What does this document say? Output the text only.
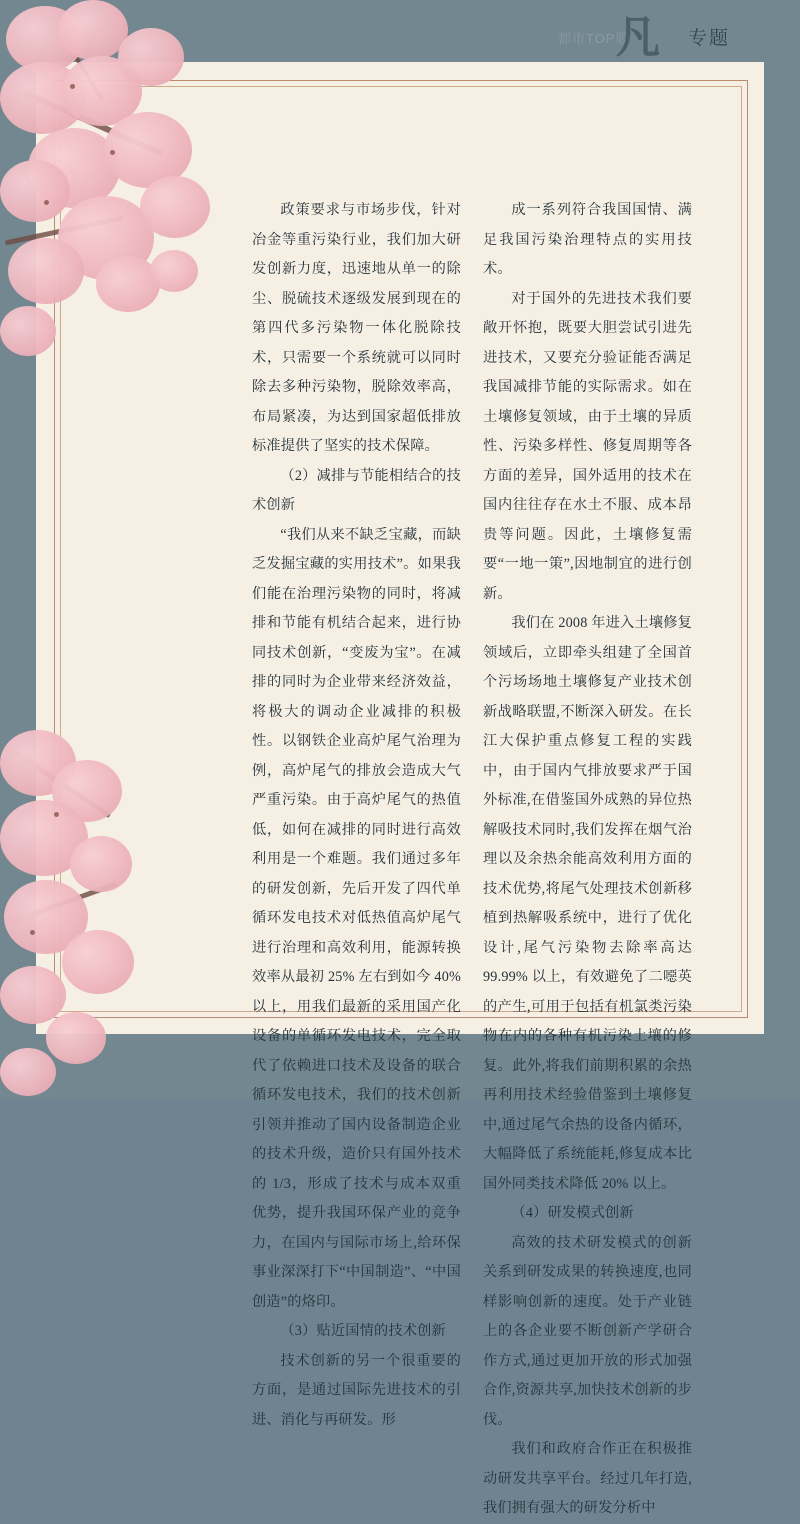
都市TOP版
凡 专题

政策要求与市场步伐，针对冶金等重污染行业，我们加大研发创新力度，迅速地从单一的除尘、脱硫技术逐级发展到现在的第四代多污染物一体化脱除技术，只需要一个系统就可以同时除去多种污染物，脱除效率高，布局紧凑，为达到国家超低排放标准提供了坚实的技术保障。

（2）减排与节能相结合的技术创新

“我们从来不缺乏宝藏，而缺乏发掘宝藏的实用技术”。如果我们能在治理污染物的同时，将减排和节能有机结合起来，进行协同技术创新，“变废为宝”。在减排的同时为企业带来经济效益，将极大的调动企业减排的积极性。以钢铁企业高炉尾气治理为例，高炉尾气的排放会造成大气严重污染。由于高炉尾气的热值低，如何在减排的同时进行高效利用是一个难题。我们通过多年的研发创新，先后开发了四代单循环发电技术对低热值高炉尾气进行治理和高效利用，能源转换效率从最初 25% 左右到如今 40% 以上，用我们最新的采用国产化设备的单循环发电技术，完全取代了依赖进口技术及设备的联合循环发电技术，我们的技术创新引领并推动了国内设备制造企业的技术升级，造价只有国外技术的 1/3，形成了技术与成本双重优势，提升我国环保产业的竞争力，在国内与国际市场上,给环保事业深深打下“中国制造”、“中国创造”的烙印。

（3）贴近国情的技术创新

技术创新的另一个很重要的方面，是通过国际先进技术的引进、消化与再研发。形

成一系列符合我国国情、满足我国污染治理特点的实用技术。

对于国外的先进技术我们要敞开怀抱，既要大胆尝试引进先进技术，又要充分验证能否满足我国减排节能的实际需求。如在土壤修复领域，由于土壤的异质性、污染多样性、修复周期等各方面的差异，国外适用的技术在国内往往存在水土不服、成本昂贵等问题。因此，土壤修复需要“一地一策”,因地制宜的进行创新。

我们在 2008 年进入土壤修复领域后，立即牵头组建了全国首个污场场地土壤修复产业技术创新战略联盟,不断深入研发。在长江大保护重点修复工程的实践中，由于国内气排放要求严于国外标准,在借鉴国外成熟的异位热解吸技术同时,我们发挥在烟气治理以及余热余能高效利用方面的技术优势,将尾气处理技术创新移植到热解吸系统中，进行了优化设计,尾气污染物去除率高达 99.99% 以上，有效避免了二噁英的产生,可用于包括有机氯类污染物在内的各种有机污染土壤的修复。此外,将我们前期积累的余热再利用技术经验借鉴到土壤修复中,通过尾气余热的设备内循环，大幅降低了系统能耗,修复成本比国外同类技术降低 20% 以上。

（4）研发模式创新

高效的技术研发模式的创新关系到研发成果的转换速度,也同样影响创新的速度。处于产业链上的各企业要不断创新产学研合作方式,通过更加开放的形式加强合作,资源共享,加快技术创新的步伐。

我们和政府合作正在积极推动研发共享平台。经过几年打造,我们拥有强大的研发分析中
